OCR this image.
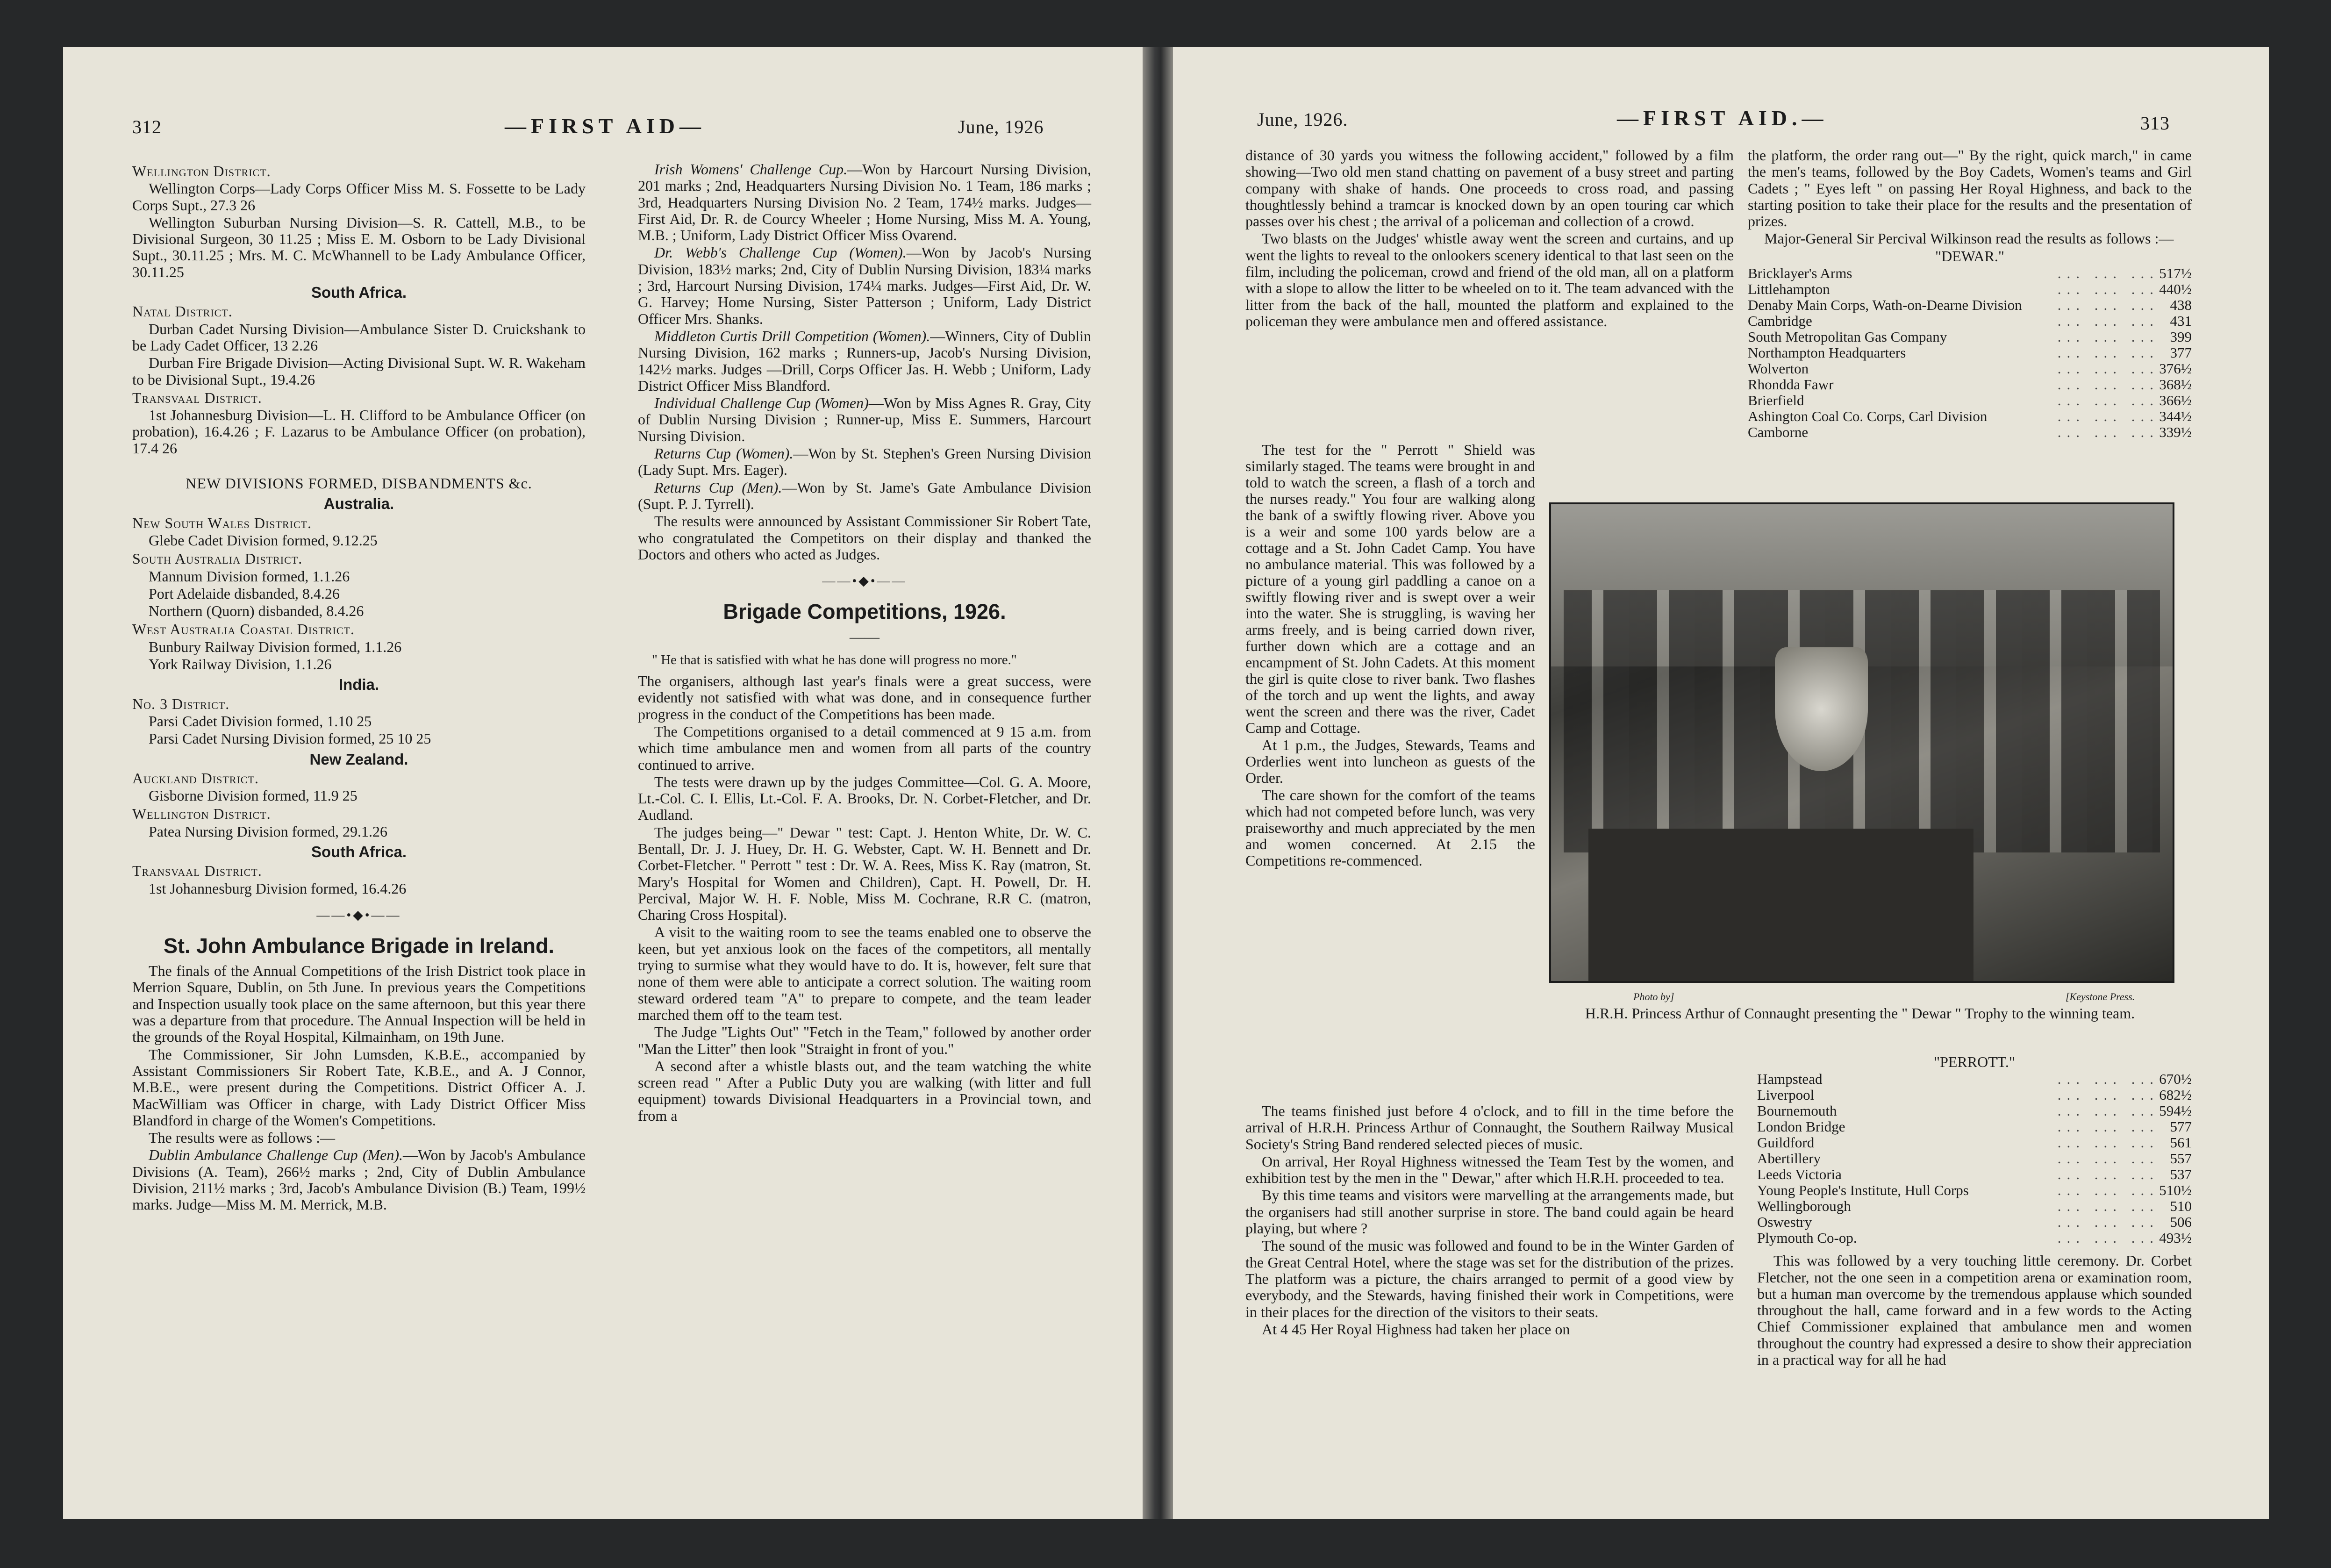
312	—FIRST AID—	June, 1926

Wellington District.

Wellington Corps—Lady Corps Officer Miss M. S. Fossette to be Lady Corps Supt., 27.3 26

Wellington Suburban Nursing Division—S. R. Cattell, M.B., to be Divisional Surgeon, 30 11.25 ; Miss E. M. Osborn to be Lady Divisional Supt., 30.11.25 ; Mrs. M. C. McWhannell to be Lady Ambulance Officer, 30.11.25

South Africa.

Natal District.

Durban Cadet Nursing Division—Ambulance Sister D. Cruickshank to be Lady Cadet Officer, 13 2.26

Durban Fire Brigade Division—Acting Divisional Supt. W. R. Wakeham to be Divisional Supt., 19.4.26

Transvaal District.

1st Johannesburg Division—L. H. Clifford to be Ambulance Officer (on probation), 16.4.26 ; F. Lazarus to be Ambulance Officer (on probation), 17.4 26

NEW DIVISIONS FORMED, DISBANDMENTS &c.

Australia.

New South Wales District.

Glebe Cadet Division formed, 9.12.25

South Australia District.

Mannum Division formed, 1.1.26

Port Adelaide disbanded, 8.4.26

Northern (Quorn) disbanded, 8.4.26

West Australia Coastal District.

Bunbury Railway Division formed, 1.1.26

York Railway Division, 1.1.26

India.

No. 3 District.

Parsi Cadet Division formed, 1.10 25

Parsi Cadet Nursing Division formed, 25 10 25

New Zealand.

Auckland District.

Gisborne Division formed, 11.9 25

Wellington District.

Patea Nursing Division formed, 29.1.26

South Africa.

Transvaal District.

1st Johannesburg Division formed, 16.4.26

——•◆•——
St. John Ambulance Brigade in Ireland.

The finals of the Annual Competitions of the Irish District took place in Merrion Square, Dublin, on 5th June. In previous years the Competitions and Inspection usually took place on the same afternoon, but this year there was a departure from that procedure. The Annual Inspection will be held in the grounds of the Royal Hospital, Kilmainham, on 19th June.

The Commissioner, Sir John Lumsden, K.B.E., accompanied by Assistant Commissioners Sir Robert Tate, K.B.E., and A. J Connor, M.B.E., were present during the Competitions. District Officer A. J. MacWilliam was Officer in charge, with Lady District Officer Miss Blandford in charge of the Women's Competitions.

The results were as follows :—

Dublin Ambulance Challenge Cup (Men).—Won by Jacob's Ambulance Divisions (A. Team), 266½ marks ; 2nd, City of Dublin Ambulance Division, 211½ marks ; 3rd, Jacob's Ambulance Division (B.) Team, 199½ marks. Judge—Miss M. M. Merrick, M.B.

Irish Womens' Challenge Cup.—Won by Harcourt Nursing Division, 201 marks ; 2nd, Headquarters Nursing Division No. 1 Team, 186 marks ; 3rd, Headquarters Nursing Division No. 2 Team, 174½ marks. Judges—First Aid, Dr. R. de Courcy Wheeler ; Home Nursing, Miss M. A. Young, M.B. ; Uniform, Lady District Officer Miss Ovarend.

Dr. Webb's Challenge Cup (Women).—Won by Jacob's Nursing Division, 183½ marks; 2nd, City of Dublin Nursing Division, 183¼ marks ; 3rd, Harcourt Nursing Division, 174¼ marks. Judges—First Aid, Dr. W. G. Harvey; Home Nursing, Sister Patterson ; Uniform, Lady District Officer Mrs. Shanks.

Middleton Curtis Drill Competition (Women).—Winners, City of Dublin Nursing Division, 162 marks ; Runners-up, Jacob's Nursing Division, 142½ marks. Judges —Drill, Corps Officer Jas. H. Webb ; Uniform, Lady District Officer Miss Blandford.

Individual Challenge Cup (Women)—Won by Miss Agnes R. Gray, City of Dublin Nursing Division ; Runner-up, Miss E. Summers, Harcourt Nursing Division.

Returns Cup (Women).—Won by St. Stephen's Green Nursing Division (Lady Supt. Mrs. Eager).

Returns Cup (Men).—Won by St. Jame's Gate Ambulance Division (Supt. P. J. Tyrrell).

The results were announced by Assistant Commissioner Sir Robert Tate, who congratulated the Competitors on their display and thanked the Doctors and others who acted as Judges.

——•◆•——
Brigade Competitions, 1926.
——

" He that is satisfied with what he has done will progress no more."

The organisers, although last year's finals were a great success, were evidently not satisfied with what was done, and in consequence further progress in the conduct of the Competitions has been made.

The Competitions organised to a detail commenced at 9 15 a.m. from which time ambulance men and women from all parts of the country continued to arrive.

The tests were drawn up by the judges Committee—Col. G. A. Moore, Lt.-Col. C. I. Ellis, Lt.-Col. F. A. Brooks, Dr. N. Corbet-Fletcher, and Dr. Audland.

The judges being—" Dewar " test: Capt. J. Henton White, Dr. W. C. Bentall, Dr. J. J. Huey, Dr. H. G. Webster, Capt. W. H. Bennett and Dr. Corbet-Fletcher. " Perrott " test : Dr. W. A. Rees, Miss K. Ray (matron, St. Mary's Hospital for Women and Children), Capt. H. Powell, Dr. H. Percival, Major W. H. F. Noble, Miss M. Cochrane, R.R C. (matron, Charing Cross Hospital).

A visit to the waiting room to see the teams enabled one to observe the keen, but yet anxious look on the faces of the competitors, all mentally trying to surmise what they would have to do. It is, however, felt sure that none of them were able to anticipate a correct solution. The waiting room steward ordered team "A" to prepare to compete, and the team leader marched them off to the team test.

The Judge "Lights Out" "Fetch in the Team," followed by another order "Man the Litter" then look "Straight in front of you."

A second after a whistle blasts out, and the team watching the white screen read " After a Public Duty you are walking (with litter and full equipment) towards Divisional Headquarters in a Provincial town, and from a

June, 1926.	—FIRST AID.—	313

distance of 30 yards you witness the following accident," followed by a film showing—Two old men stand chatting on pavement of a busy street and parting company with shake of hands. One proceeds to cross road, and passing thoughtlessly behind a tramcar is knocked down by an open touring car which passes over his chest ; the arrival of a policeman and collection of a crowd.

Two blasts on the Judges' whistle away went the screen and curtains, and up went the lights to reveal to the onlookers scenery identical to that last seen on the film, including the policeman, crowd and friend of the old man, all on a platform with a slope to allow the litter to be wheeled on to it. The team advanced with the litter from the back of the hall, mounted the platform and explained to the policeman they were ambulance men and offered assistance.

The test for the " Perrott " Shield was similarly staged. The teams were brought in and told to watch the screen, a flash of a torch and the nurses ready." You four are walking along the bank of a swiftly flowing river. Above you is a weir and some 100 yards below are a cottage and a St. John Cadet Camp. You have no ambulance material. This was followed by a picture of a young girl paddling a canoe on a swiftly flowing river and is swept over a weir into the water. She is struggling, is waving her arms freely, and is being carried down river, further down which are a cottage and an encampment of St. John Cadets. At this moment the girl is quite close to river bank. Two flashes of the torch and up went the lights, and away went the screen and there was the river, Cadet Camp and Cottage.

At 1 p.m., the Judges, Stewards, Teams and Orderlies went into luncheon as guests of the Order.

The care shown for the comfort of the teams which had not competed before lunch, was very praiseworthy and much appreciated by the men and women concerned. At 2.15 the Competitions re-commenced.

The teams finished just before 4 o'clock, and to fill in the time before the arrival of H.R.H. Princess Arthur of Connaught, the Southern Railway Musical Society's String Band rendered selected pieces of music.

On arrival, Her Royal Highness witnessed the Team Test by the women, and exhibition test by the men in the " Dewar," after which H.R.H. proceeded to tea.

By this time teams and visitors were marvelling at the arrangements made, but the organisers had still another surprise in store. The band could again be heard playing, but where ?

The sound of the music was followed and found to be in the Winter Garden of the Great Central Hotel, where the stage was set for the distribution of the prizes. The platform was a picture, the chairs arranged to permit of a good view by everybody, and the Stewards, having finished their work in Competitions, were in their places for the direction of the visitors to their seats.

At 4 45 Her Royal Highness had taken her place on

the platform, the order rang out—" By the right, quick march," in came the men's teams, followed by the Boy Cadets, Women's teams and Girl Cadets ; " Eyes left " on passing Her Royal Highness, and back to the starting position to take their place for the results and the presentation of prizes.

Major-General Sir Percival Wilkinson read the results as follows :—

"DEWAR."

Bricklayer's Arms	... ... ...	517½
Littlehampton	... ... ...	440½
Denaby Main Corps, Wath-on-Dearne Division	... ... ...	438
Cambridge	... ... ...	431
South Metropolitan Gas Company	... ... ...	399
Northampton Headquarters	... ... ...	377
Wolverton	... ... ...	376½
Rhondda Fawr	... ... ...	368½
Brierfield	... ... ...	366½
Ashington Coal Co. Corps, Carl Division	... ... ...	344½
Camborne	... ... ...	339½
Photo by]	[Keystone Press.
H.R.H. Princess Arthur of Connaught presenting the " Dewar " Trophy to the winning team.

"PERROTT."

Hampstead	... ... ...	670½
Liverpool	... ... ...	682½
Bournemouth	... ... ...	594½
London Bridge	... ... ...	577
Guildford	... ... ...	561
Abertillery	... ... ...	557
Leeds Victoria	... ... ...	537
Young People's Institute, Hull Corps	... ... ...	510½
Wellingborough	... ... ...	510
Oswestry	... ... ...	506
Plymouth Co-op.	... ... ...	493½

This was followed by a very touching little ceremony. Dr. Corbet Fletcher, not the one seen in a competition arena or examination room, but a human man overcome by the tremendous applause which sounded throughout the hall, came forward and in a few words to the Acting Chief Commissioner explained that ambulance men and women throughout the country had expressed a desire to show their appreciation in a practical way for all he had
